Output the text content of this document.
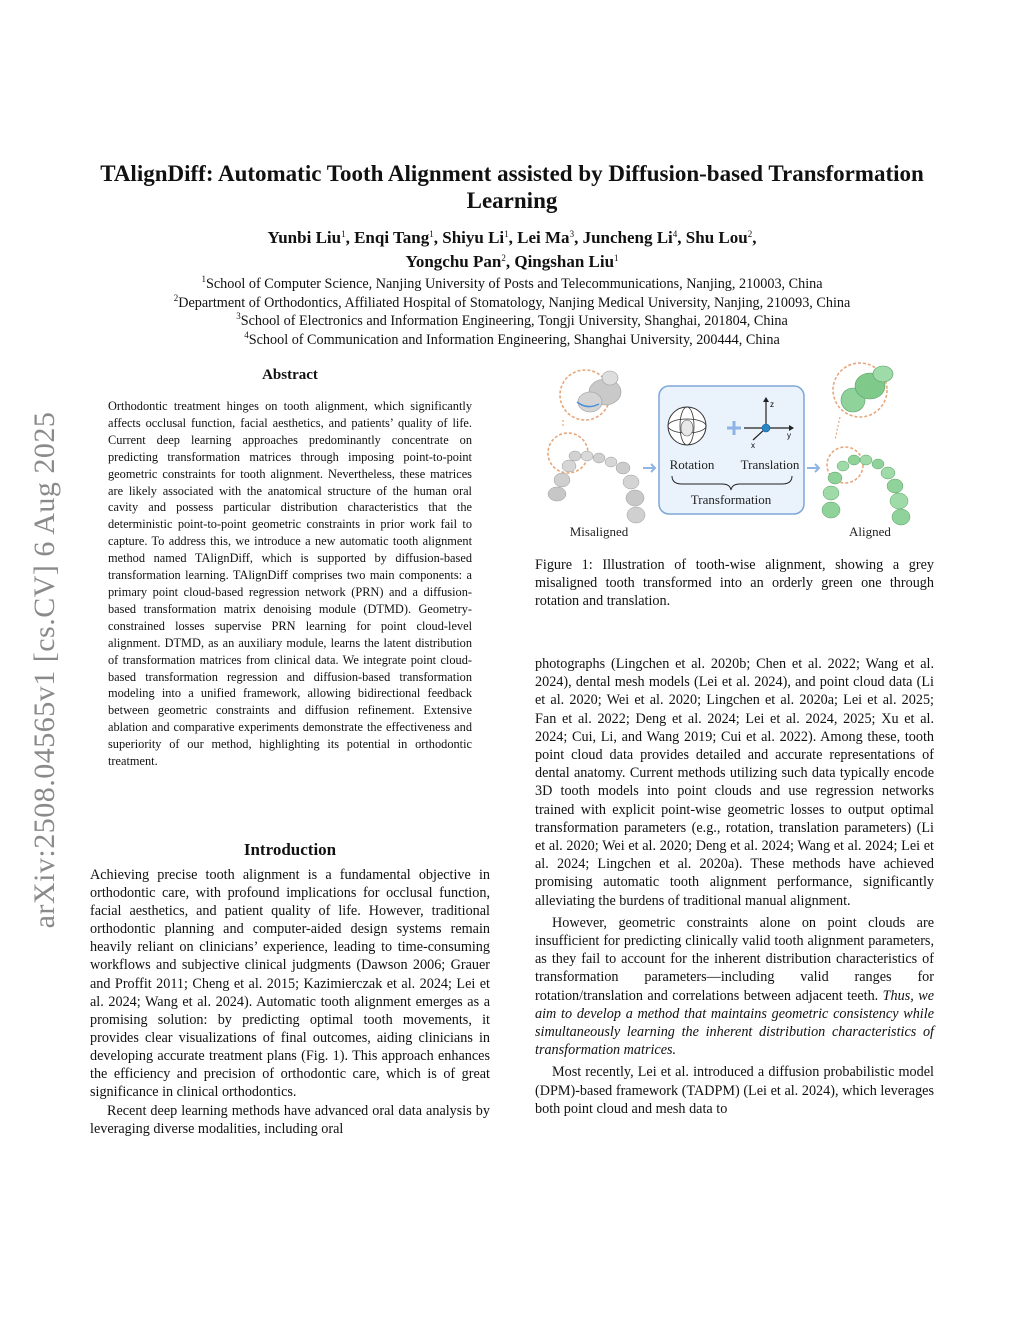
arXiv:2508.04565v1 [cs.CV] 6 Aug 2025
TAlignDiff: Automatic Tooth Alignment assisted by Diffusion-based Transformation Learning
Yunbi Liu$^1$, Enqi Tang$^1$, Shiyu Li$^1$, Lei Ma$^3$, Juncheng Li$^4$, Shu Lou$^2$,
Yongchu Pan$^2$, Qingshan Liu$^1$
$^1$School of Computer Science, Nanjing University of Posts and Telecommunications, Nanjing, 210003, China
$^2$Department of Orthodontics, Affiliated Hospital of Stomatology, Nanjing Medical University, Nanjing, 210093, China
$^3$School of Electronics and Information Engineering, Tongji University, Shanghai, 201804, China
$^4$School of Communication and Information Engineering, Shanghai University, 200444, China
Abstract
Orthodontic treatment hinges on tooth alignment, which significantly affects occlusal function, facial aesthetics, and patients’ quality of life. Current deep learning approaches predominantly concentrate on predicting transformation matrices through imposing point-to-point geometric constraints for tooth alignment. Nevertheless, these matrices are likely associated with the anatomical structure of the human oral cavity and possess particular distribution characteristics that the deterministic point-to-point geometric constraints in prior work fail to capture. To address this, we introduce a new automatic tooth alignment method named TAlignDiff, which is supported by diffusion-based transformation learning. TAlignDiff comprises two main components: a primary point cloud-based regression network (PRN) and a diffusion-based transformation matrix denoising module (DTMD). Geometry-constrained losses supervise PRN learning for point cloud-level alignment. DTMD, as an auxiliary module, learns the latent distribution of transformation matrices from clinical data. We integrate point cloud-based transformation regression and diffusion-based transformation modeling into a unified framework, allowing bidirectional feedback between geometric constraints and diffusion refinement. Extensive ablation and comparative experiments demonstrate the effectiveness and superiority of our method, highlighting its potential in orthodontic treatment.
Introduction

Achieving precise tooth alignment is a fundamental objective in orthodontic care, with profound implications for occlusal function, facial aesthetics, and patient quality of life. However, traditional orthodontic planning and computer-aided design systems remain heavily reliant on clinicians’ experience, leading to time-consuming workflows and subjective clinical judgments (Dawson 2006; Grauer and Proffit 2011; Cheng et al. 2015; Kazimierczak et al. 2024; Lei et al. 2024; Wang et al. 2024). Automatic tooth alignment emerges as a promising solution: by predicting optimal tooth movements, it provides clear visualizations of final outcomes, aiding clinicians in developing accurate treatment plans (Fig. 1). This approach enhances the efficiency and precision of orthodontic care, which is of great significance in clinical orthodontics.

Recent deep learning methods have advanced oral data analysis by leveraging diverse modalities, including oral

Misaligned
z
y
x
Rotation Translation
Transformation
Aligned
Figure 1: Illustration of tooth-wise alignment, showing a grey misaligned tooth transformed into an orderly green one through rotation and translation.

photographs (Lingchen et al. 2020b; Chen et al. 2022; Wang et al. 2024), dental mesh models (Lei et al. 2024), and point cloud data (Li et al. 2020; Wei et al. 2020; Lingchen et al. 2020a; Lei et al. 2025; Fan et al. 2022; Deng et al. 2024; Lei et al. 2024, 2025; Xu et al. 2024; Cui, Li, and Wang 2019; Cui et al. 2022). Among these, tooth point cloud data provides detailed and accurate representations of dental anatomy. Current methods utilizing such data typically encode 3D tooth models into point clouds and use regression networks trained with explicit point-wise geometric losses to output optimal transformation parameters (e.g., rotation, translation parameters) (Li et al. 2020; Wei et al. 2020; Deng et al. 2024; Wang et al. 2024; Lei et al. 2024; Lingchen et al. 2020a). These methods have achieved promising automatic tooth alignment performance, significantly alleviating the burdens of traditional manual alignment.

However, geometric constraints alone on point clouds are insufficient for predicting clinically valid tooth alignment parameters, as they fail to account for the inherent distribution characteristics of transformation parameters—including valid ranges for rotation/translation and correlations between adjacent teeth. Thus, we aim to develop a method that maintains geometric consistency while simultaneously learning the inherent distribution characteristics of transformation matrices.

Most recently, Lei et al. introduced a diffusion probabilistic model (DPM)-based framework (TADPM) (Lei et al. 2024), which leverages both point cloud and mesh data to
